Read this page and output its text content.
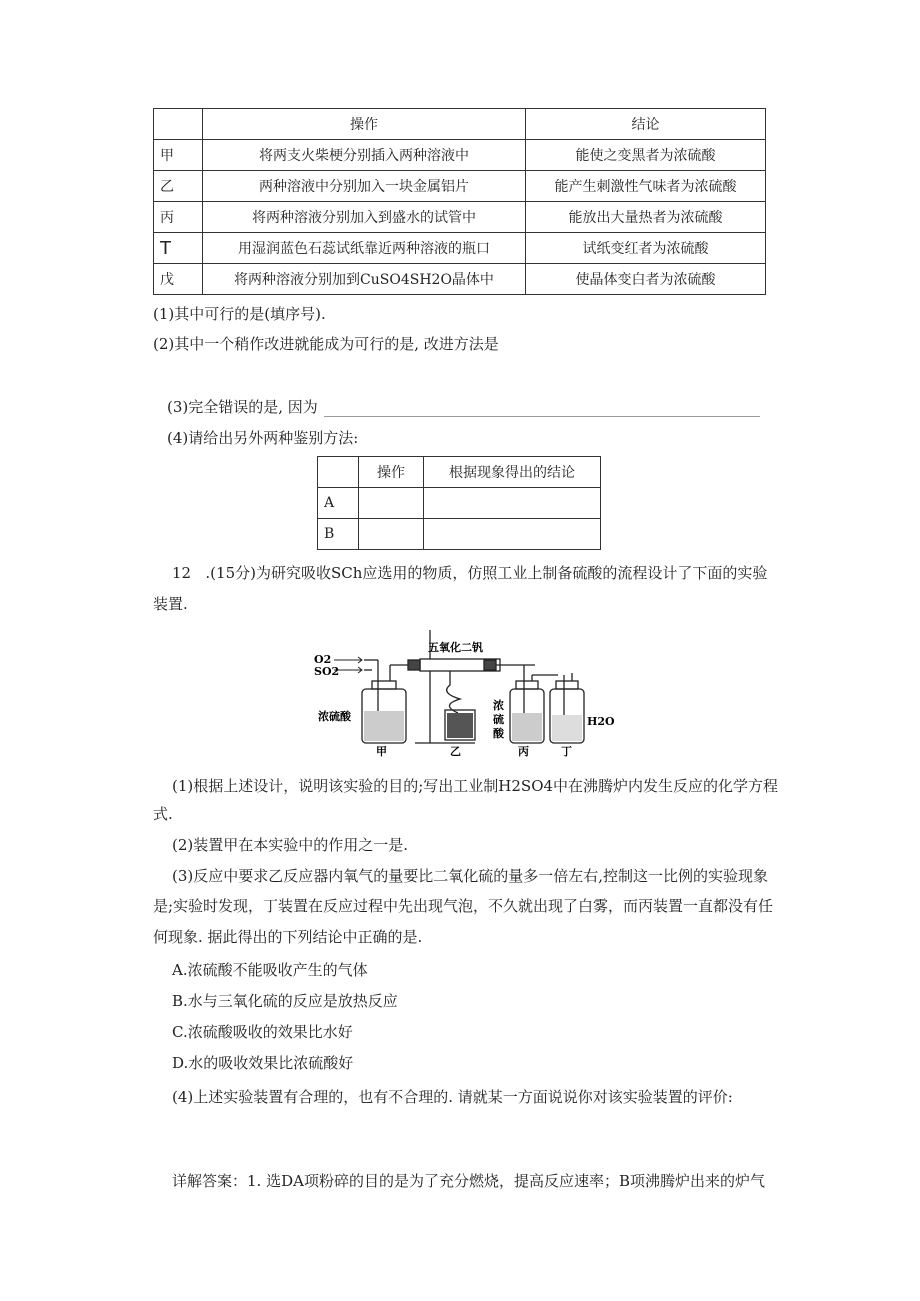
	操作	结论
甲	将两支火柴梗分别插入两种溶液中	能使之变黑者为浓硫酸
乙	两种溶液中分别加入一块金属铝片	能产生刺激性气味者为浓硫酸
丙	将两种溶液分别加入到盛水的试管中	能放出大量热者为浓硫酸
T	用湿润蓝色石蕊试纸靠近两种溶液的瓶口	试纸变红者为浓硫酸
戊	将两种溶液分别加到CuSO4SH2O晶体中	使晶体变白者为浓硫酸
(1)其中可行的是(填序号).
(2)其中一个稍作改进就能成为可行的是, 改进方法是
(3)完全错误的是, 因为
(4)请给出另外两种鉴别方法:
	操作	根据现象得出的结论
A		
B		
12 .(15分)为研究吸收SCh应选用的物质，仿照工业上制备硫酸的流程设计了下面的实验
装置.
O2
SO2
浓硫酸
五氧化二钒
浓
硫
酸
H2O
甲	乙	丙	丁
(1)根据上述设计，说明该实验的目的;写出工业制H2SO4中在沸腾炉内发生反应的化学方程
式.
(2)装置甲在本实验中的作用之一是.
(3)反应中要求乙反应器内氧气的量要比二氧化硫的量多一倍左右,控制这一比例的实验现象
是;实验时发现，丁装置在反应过程中先出现气泡，不久就出现了白雾，而丙装置一直都没有任
何现象. 据此得出的下列结论中正确的是.
A.浓硫酸不能吸收产生的气体
B.水与三氧化硫的反应是放热反应
C.浓硫酸吸收的效果比水好
D.水的吸收效果比浓硫酸好
(4)上述实验装置有合理的，也有不合理的. 请就某一方面说说你对该实验装置的评价:
详解答案：1. 选DA项粉碎的目的是为了充分燃烧，提高反应速率；B项沸腾炉出来的炉气
